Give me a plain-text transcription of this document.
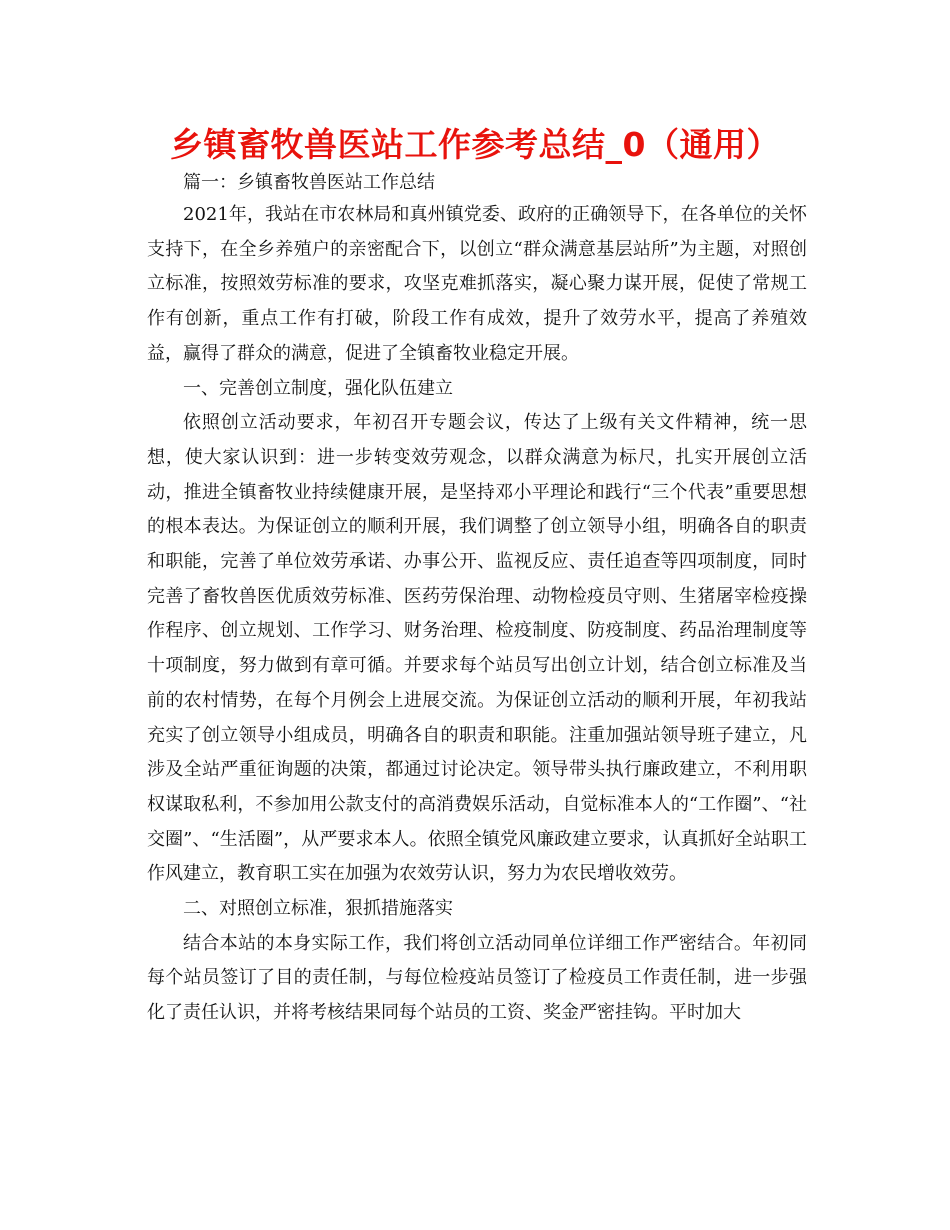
乡镇畜牧兽医站工作参考总结_0（通用）

篇一：乡镇畜牧兽医站工作总结

2021年，我站在市农林局和真州镇党委、政府的正确领导下，在各单位的关怀支持下，在全乡养殖户的亲密配合下，以创立“群众满意基层站所”为主题，对照创立标准，按照效劳标准的要求，攻坚克难抓落实，凝心聚力谋开展，促使了常规工作有创新，重点工作有打破，阶段工作有成效，提升了效劳水平，提高了养殖效益，赢得了群众的满意，促进了全镇畜牧业稳定开展。

一、完善创立制度，强化队伍建立

依照创立活动要求，年初召开专题会议，传达了上级有关文件精神，统一思想，使大家认识到：进一步转变效劳观念，以群众满意为标尺，扎实开展创立活动，推进全镇畜牧业持续健康开展，是坚持邓小平理论和践行“三个代表”重要思想的根本表达。为保证创立的顺利开展，我们调整了创立领导小组，明确各自的职责和职能，完善了单位效劳承诺、办事公开、监视反应、责任追查等四项制度，同时完善了畜牧兽医优质效劳标准、医药劳保治理、动物检疫员守则、生猪屠宰检疫操作程序、创立规划、工作学习、财务治理、检疫制度、防疫制度、药品治理制度等十项制度，努力做到有章可循。并要求每个站员写出创立计划，结合创立标准及当前的农村情势，在每个月例会上进展交流。为保证创立活动的顺利开展，年初我站充实了创立领导小组成员，明确各自的职责和职能。注重加强站领导班子建立，凡涉及全站严重征询题的决策，都通过讨论决定。领导带头执行廉政建立，不利用职权谋取私利，不参加用公款支付的高消费娱乐活动，自觉标准本人的“工作圈”、“社交圈”、“生活圈”，从严要求本人。依照全镇党风廉政建立要求，认真抓好全站职工作风建立，教育职工实在加强为农效劳认识，努力为农民增收效劳。

二、对照创立标准，狠抓措施落实

结合本站的本身实际工作，我们将创立活动同单位详细工作严密结合。年初同每个站员签订了目的责任制，与每位检疫站员签订了检疫员工作责任制，进一步强化了责任认识，并将考核结果同每个站员的工资、奖金严密挂钩。平时加大
